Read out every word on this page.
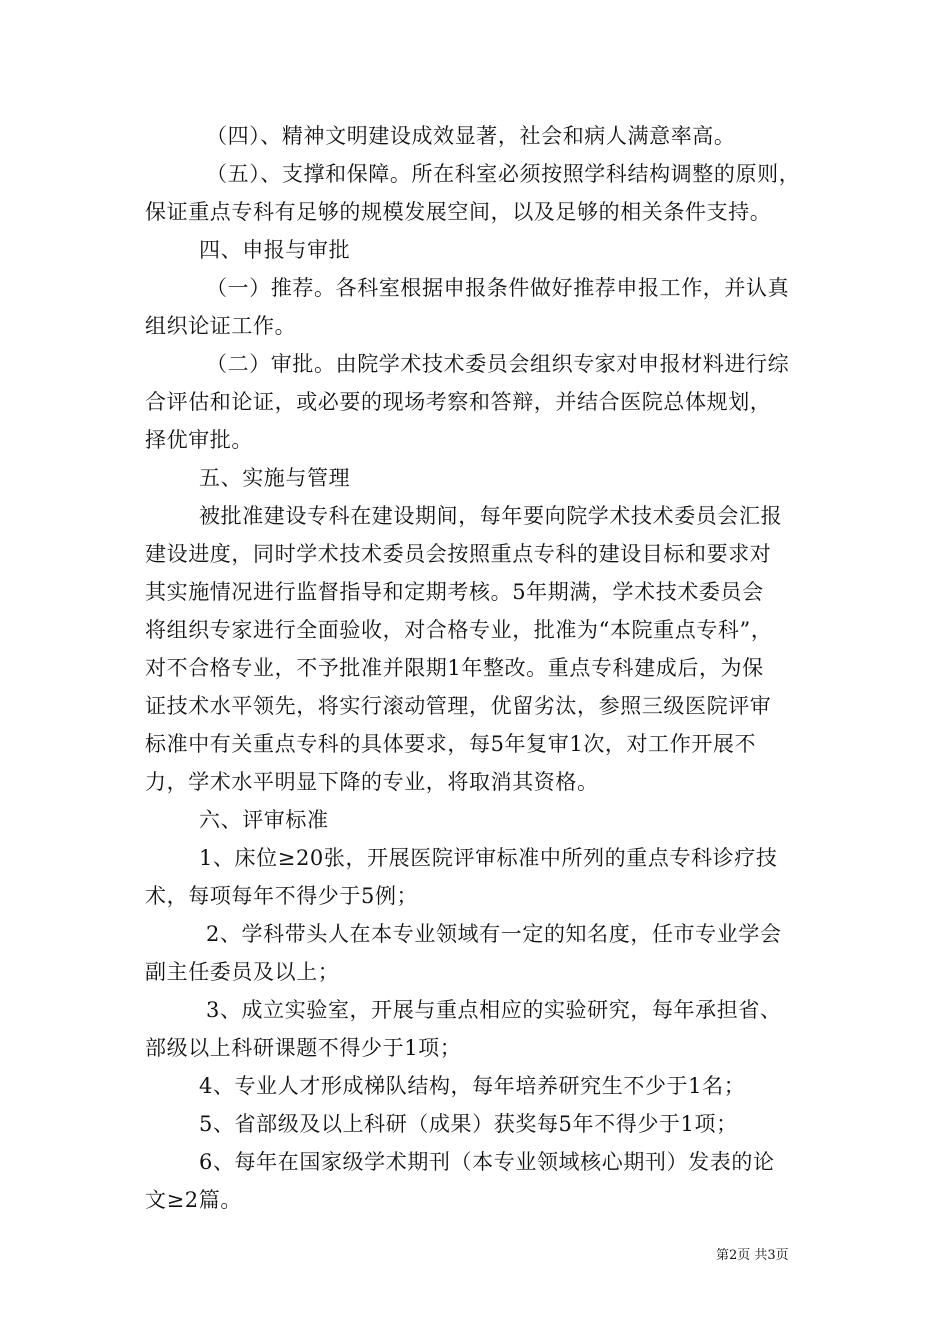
（四）、精神文明建设成效显著，社会和病人满意率高。
（五）、支撑和保障。所在科室必须按照学科结构调整的原则，
保证重点专科有足够的规模发展空间，以及足够的相关条件支持。
四、申报与审批
（一）推荐。各科室根据申报条件做好推荐申报工作，并认真
组织论证工作。
（二）审批。由院学术技术委员会组织专家对申报材料进行综
合评估和论证，或必要的现场考察和答辩，并结合医院总体规划，
择优审批。
五、实施与管理
被批准建设专科在建设期间，每年要向院学术技术委员会汇报
建设进度，同时学术技术委员会按照重点专科的建设目标和要求对
其实施情况进行监督指导和定期考核。5年期满，学术技术委员会
将组织专家进行全面验收，对合格专业，批准为“本院重点专科”，
对不合格专业，不予批准并限期1年整改。重点专科建成后，为保
证技术水平领先，将实行滚动管理，优留劣汰，参照三级医院评审
标准中有关重点专科的具体要求，每5年复审1次，对工作开展不
力，学术水平明显下降的专业，将取消其资格。
六、评审标准
1、床位≥20张，开展医院评审标准中所列的重点专科诊疗技
术，每项每年不得少于5例；
2、学科带头人在本专业领域有一定的知名度，任市专业学会
副主任委员及以上；
3、成立实验室，开展与重点相应的实验研究，每年承担省、
部级以上科研课题不得少于1项；
4、专业人才形成梯队结构，每年培养研究生不少于1名；
5、省部级及以上科研（成果）获奖每5年不得少于1项；
6、每年在国家级学术期刊（本专业领域核心期刊）发表的论
文≥2篇。
第2页 共3页
